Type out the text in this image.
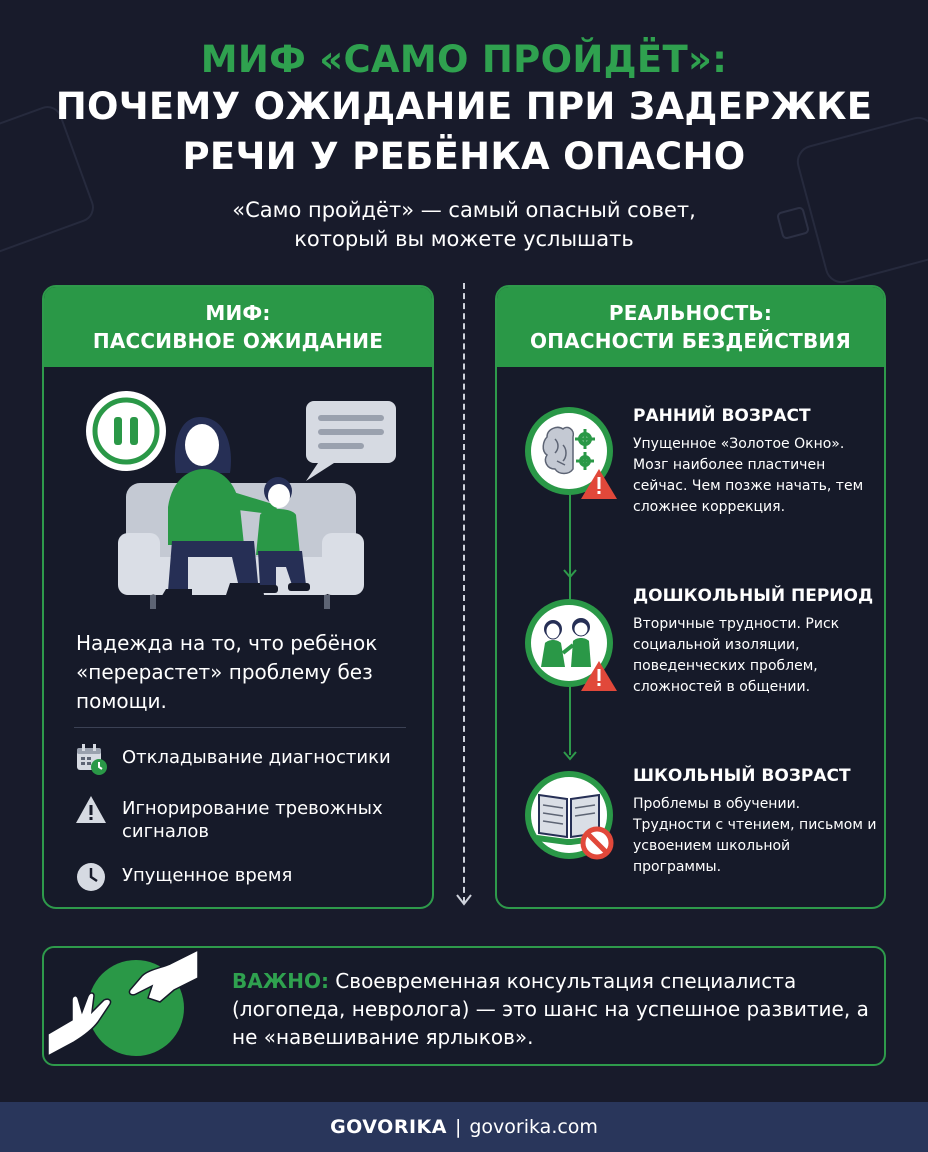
МИФ «САМО ПРОЙДЁТ»:
ПОЧЕМУ ОЖИДАНИЕ ПРИ ЗАДЕРЖКЕ
РЕЧИ У РЕБЁНКА ОПАСНО
«Само пройдёт» — самый опасный совет,
который вы можете услышать
МИФ:
ПАССИВНОЕ ОЖИДАНИЕ
Надежда на то, что ребёнок «перерастет» проблему без помощи.
Откладывание диагностики
Игнорирование тревожных сигналов
Упущенное время
РЕАЛЬНОСТЬ:
ОПАСНОСТИ БЕЗДЕЙСТВИЯ
РАННИЙ ВОЗРАСТ
Упущенное «Золотое Окно». Мозг наиболее пластичен сейчас. Чем позже начать, тем сложнее коррекция.
ДОШКОЛЬНЫЙ ПЕРИОД
Вторичные трудности. Риск социальной изоляции, поведенческих проблем, сложностей в общении.
ШКОЛЬНЫЙ ВОЗРАСТ
Проблемы в обучении. Трудности с чтением, письмом и усвоением школьной программы.
ВАЖНО: Своевременная консультация специалиста (логопеда, невролога) — это шанс на успешное развитие, а не «навешивание ярлыков».
GOVORIKA | govorika.com
